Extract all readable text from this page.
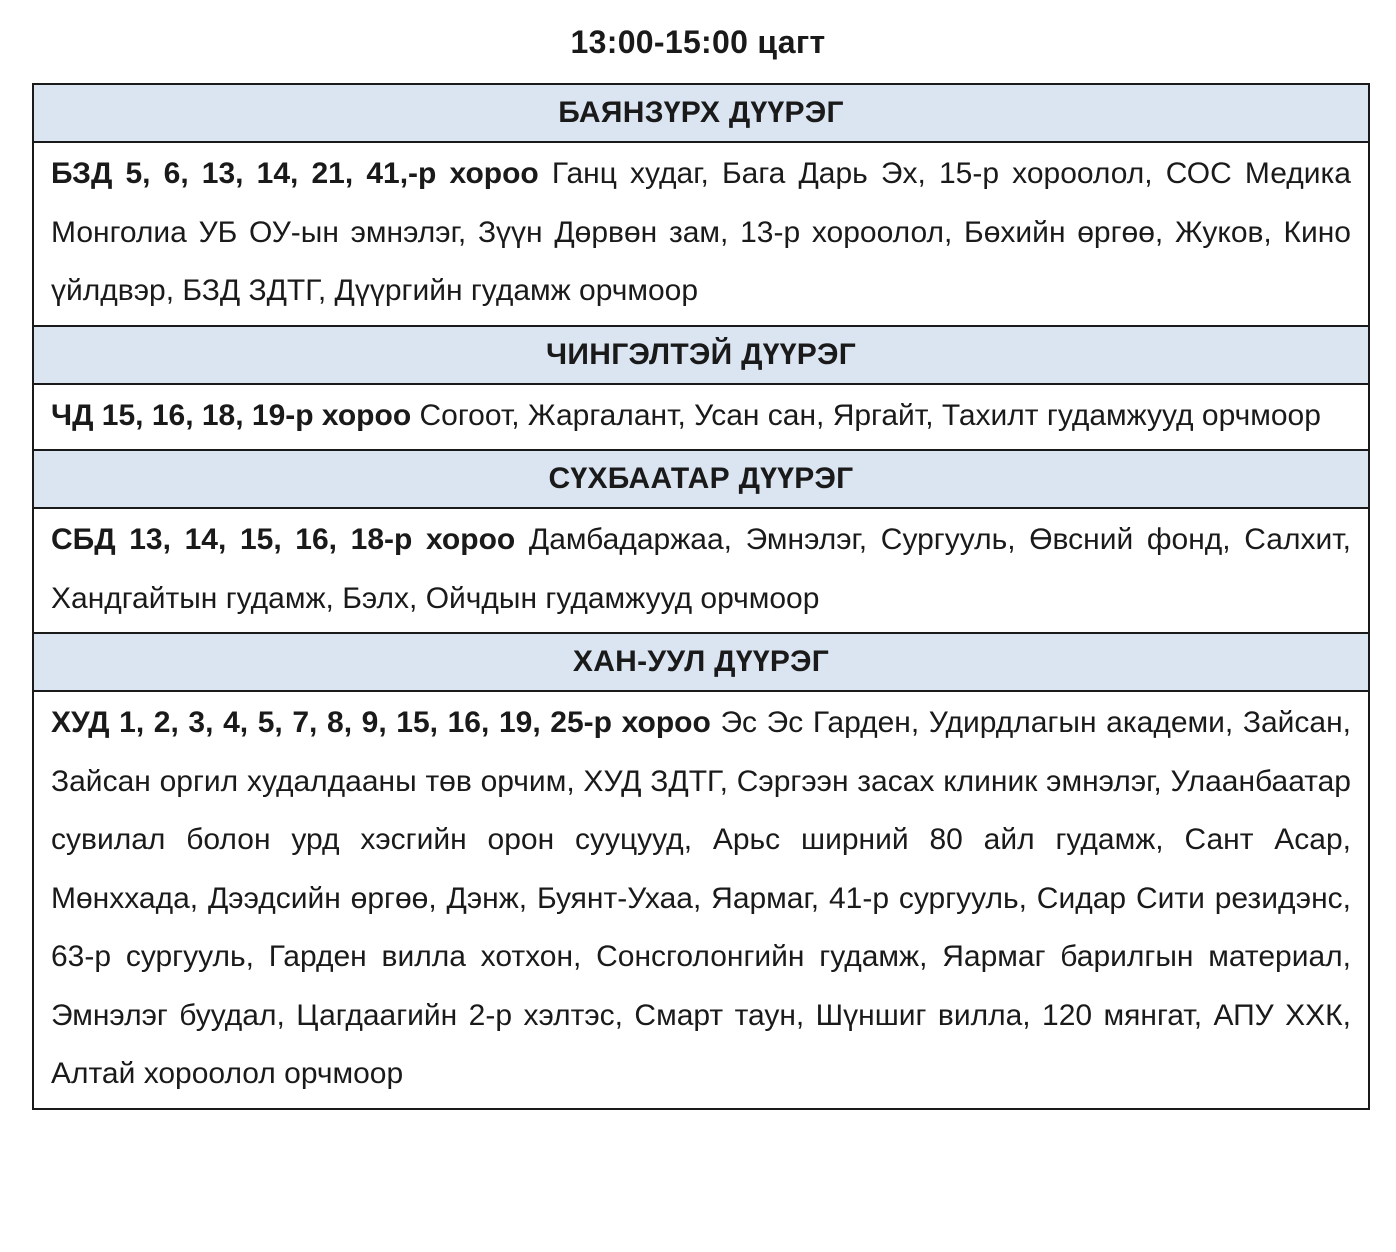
13:00-15:00 цагт
БАЯНЗҮРХ ДҮҮРЭГ
БЗД 5, 6, 13, 14, 21, 41,-р хороо Ганц худаг, Бага Дарь Эх, 15-р хороолол, СОС Медика Монголиа УБ ОУ-ын эмнэлэг, Зүүн Дөрвөн зам, 13-р хороолол, Бөхийн өргөө, Жуков, Кино үйлдвэр, БЗД ЗДТГ, Дүүргийн гудамж орчмоор
ЧИНГЭЛТЭЙ ДҮҮРЭГ
ЧД 15, 16, 18, 19-р хороо Согоот, Жаргалант, Усан сан, Яргайт, Тахилт гудамжууд орчмоор
СҮХБААТАР ДҮҮРЭГ
СБД 13, 14, 15, 16, 18-р хороо Дамбадаржаа, Эмнэлэг, Сургууль, Өвсний фонд, Салхит, Хандгайтын гудамж, Бэлх, Ойчдын гудамжууд орчмоор
ХАН-УУЛ ДҮҮРЭГ
ХУД 1, 2, 3, 4, 5, 7, 8, 9, 15, 16, 19, 25-р хороо Эс Эс Гарден, Удирдлагын академи, Зайсан, Зайсан оргил худалдааны төв орчим, ХУД ЗДТГ, Сэргээн засах клиник эмнэлэг, Улаанбаатар сувилал болон урд хэсгийн орон сууцууд, Арьс ширний 80 айл гудамж, Сант Асар, Мөнххада, Дээдсийн өргөө, Дэнж, Буянт-Ухаа, Яармаг, 41-р сургууль, Сидар Сити резидэнс, 63-р сургууль, Гарден вилла хотхон, Сонсголонгийн гудамж, Яармаг барилгын материал, Эмнэлэг буудал, Цагдаагийн 2-р хэлтэс, Смарт таун, Шүншиг вилла, 120 мянгат, АПУ ХХК, Алтай хороолол орчмоор
